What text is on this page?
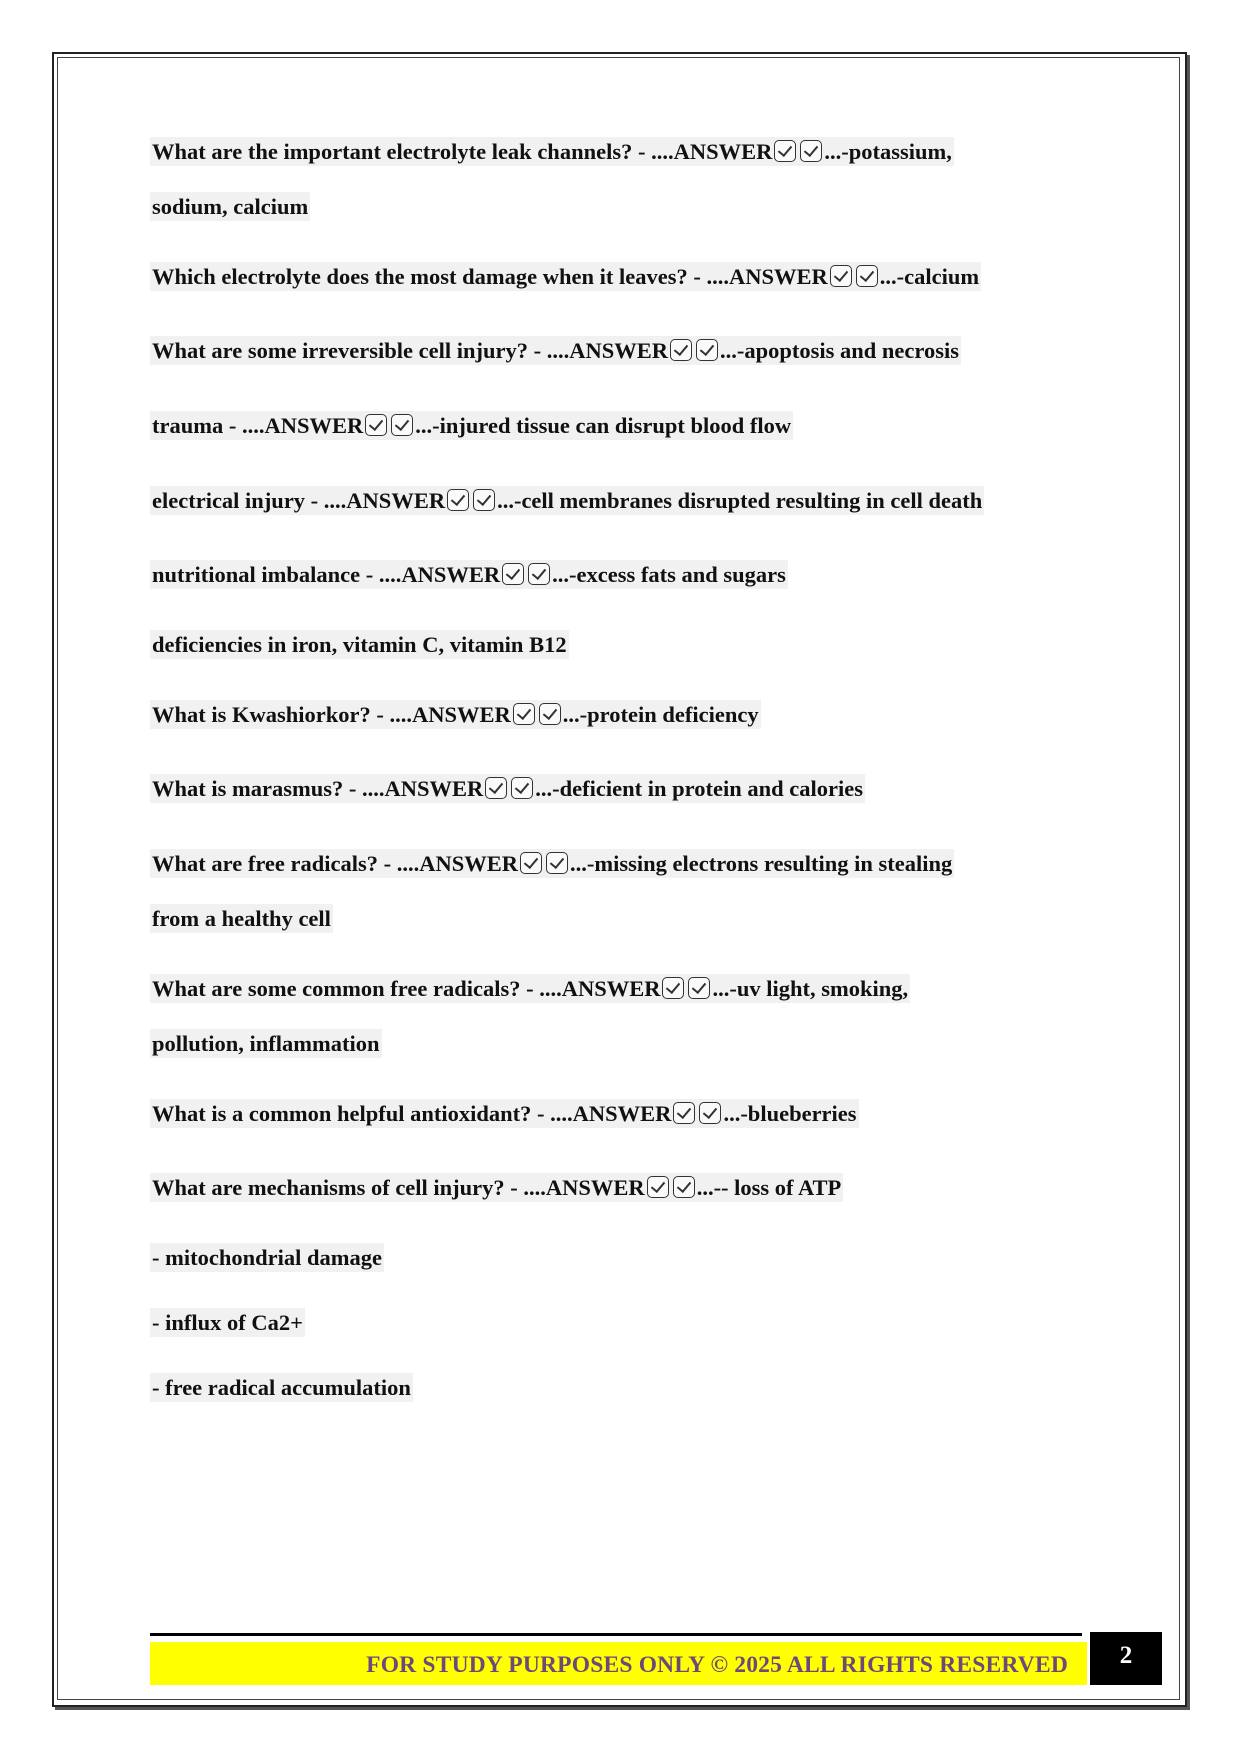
What are the important electrolyte leak channels? - ....ANSWER ...-potassium,
sodium, calcium
Which electrolyte does the most damage when it leaves? - ....ANSWER ...-calcium
What are some irreversible cell injury? - ....ANSWER ...-apoptosis and necrosis
trauma - ....ANSWER ...-injured tissue can disrupt blood flow
electrical injury - ....ANSWER ...-cell membranes disrupted resulting in cell death
nutritional imbalance - ....ANSWER ...-excess fats and sugars
deficiencies in iron, vitamin C, vitamin B12
What is Kwashiorkor? - ....ANSWER ...-protein deficiency
What is marasmus? - ....ANSWER ...-deficient in protein and calories
What are free radicals? - ....ANSWER ...-missing electrons resulting in stealing
from a healthy cell
What are some common free radicals? - ....ANSWER ...-uv light, smoking,
pollution, inflammation
What is a common helpful antioxidant? - ....ANSWER ...-blueberries
What are mechanisms of cell injury? - ....ANSWER ...-- loss of ATP
- mitochondrial damage
- influx of Ca2+
- free radical accumulation
FOR STUDY PURPOSES ONLY © 2025 ALL RIGHTS RESERVED	2
